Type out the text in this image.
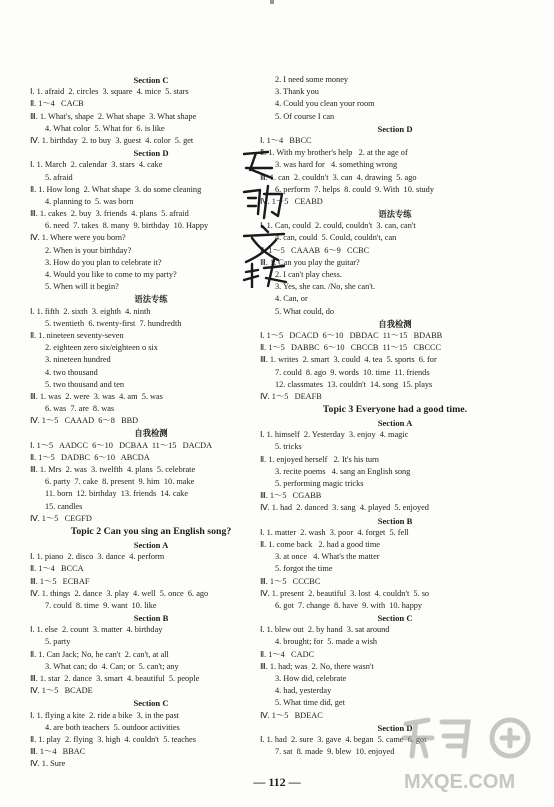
Section C
Ⅰ. 1. afraid  2. circles  3. square  4. mice  5. stars
Ⅱ. 1～4   CACB
Ⅲ. 1. What's, shape  2. What shape  3. What shape
4. What color  5. What for  6. is like
Ⅳ. 1. birthday  2. to buy  3. guest  4. color  5. get
Section D
Ⅰ. 1. March  2. calendar  3. stars  4. cake
5. afraid
Ⅱ. 1. How long  2. What shape  3. do some cleaning
4. planning to  5. was born
Ⅲ. 1. cakes  2. buy  3. friends  4. plans  5. afraid
6. need  7. takes  8. many  9. birthday  10. Happy
Ⅳ. 1. Where were you born?
2. When is your birthday?
3. How do you plan to celebrate it?
4. Would you like to come to my party?
5. When will it begin?
语法专练
Ⅰ. 1. fifth  2. sixth  3. eighth  4. ninth
5. twentieth  6. twenty-first  7. hundredth
Ⅱ. 1. nineteen seventy-seven
2. eighteen zero six/eighteen o six
3. nineteen hundred
4. two thousand
5. two thousand and ten
Ⅲ. 1. was  2. were  3. was  4. am  5. was
6. was  7. are  8. was
Ⅳ. 1～5   CAAAD  6～8   BBD
自我检测
Ⅰ. 1～5   AADCC  6～10   DCBAA  11～15   DACDA
Ⅱ. 1～5   DADBC  6～10   ABCDA
Ⅲ. 1. Mrs  2. was  3. twelfth  4. plans  5. celebrate
6. party  7. cake  8. present  9. him  10. make
11. born  12. birthday  13. friends  14. cake
15. candles
Ⅳ. 1～5   CEGFD
Topic 2 Can you sing an English song?
Section A
Ⅰ. 1. piano  2. disco  3. dance  4. perform
Ⅱ. 1～4   BCCA
Ⅲ. 1～5   ECBAF
Ⅳ. 1. things  2. dance  3. play  4. well  5. once  6. ago
7. could  8. time  9. want  10. like
Section B
Ⅰ. 1. else  2. count  3. matter  4. birthday
5. party
Ⅱ. 1. Can Jack; No, he can't  2. can't, at all
3. What can; do  4. Can; or  5. can't; any
Ⅲ. 1. star  2. dance  3. smart  4. beautiful  5. people
Ⅳ. 1～5   BCADE
Section C
Ⅰ. 1. flying a kite  2. ride a bike  3. in the past
4. are both teachers  5. outdoor activities
Ⅱ. 1. play  2. flying  3. high  4. couldn't  5. teaches
Ⅲ. 1～4   BBAC
Ⅳ. 1. Sure
2. I need some money
3. Thank you
4. Could you clean your room
5. Of course I can
Section D
Ⅰ. 1～4   BBCC
Ⅱ. 1. With my brother's help   2. at the age of
3. was hard for   4. something wrong
Ⅲ. 1. can  2. couldn't  3. can  4. drawing  5. ago
6. perform  7. helps  8. could  9. With  10. study
Ⅳ. 1～5   CEABD
语法专练
Ⅰ. 1. Can, could  2. could, couldn't  3. can, can't
4. can, could  5. Could, couldn't, can
Ⅱ. 1～5   CAAAB  6～9   CCBC
Ⅲ. 1. Can you play the guitar?
2. I can't play chess.
3. Yes, she can. /No, she can't.
4. Can, or
5. What could, do
自我检测
Ⅰ. 1～5   DCACD  6～10   DBDAC  11～15   BDABB
Ⅱ. 1～5   DABBC  6～10   CBCCB  11～15   CBCCC
Ⅲ. 1. writes  2. smart  3. could  4. tea  5. sports  6. for
7. could  8. ago  9. words  10. time  11. friends
12. classmates  13. couldn't  14. song  15. plays
Ⅳ. 1～5   DEAFB
Topic 3 Everyone had a good time.
Section A
Ⅰ. 1. himself  2. Yesterday  3. enjoy  4. magic
5. tricks
Ⅱ. 1. enjoyed herself   2. It's his turn
3. recite poems   4. sang an English song
5. performing magic tricks
Ⅲ. 1～5   CGABB
Ⅳ. 1. had  2. danced  3. sang  4. played  5. enjoyed
Section B
Ⅰ. 1. matter  2. wash  3. poor  4. forget  5. fell
Ⅱ. 1. come back   2. had a good time
3. at once   4. What's the matter
5. forgot the time
Ⅲ. 1～5   CCCBC
Ⅳ. 1. present  2. beautiful  3. lost  4. couldn't  5. so
6. got  7. change  8. have  9. with  10. happy
Section C
Ⅰ. 1. blew out  2. by hand  3. sat around
4. brought; for  5. made a wish
Ⅱ. 1～4   CADC
Ⅲ. 1. had; was  2. No, there wasn't
3. How did, celebrate
4. had, yesterday
5. What time did, get
Ⅳ. 1～5   BDEAC
Section D
Ⅰ. 1. had  2. sure  3. gave  4. began  5. came  6. got
7. sat  8. made  9. blew  10. enjoyed
MXQE.COM
— 112 —
